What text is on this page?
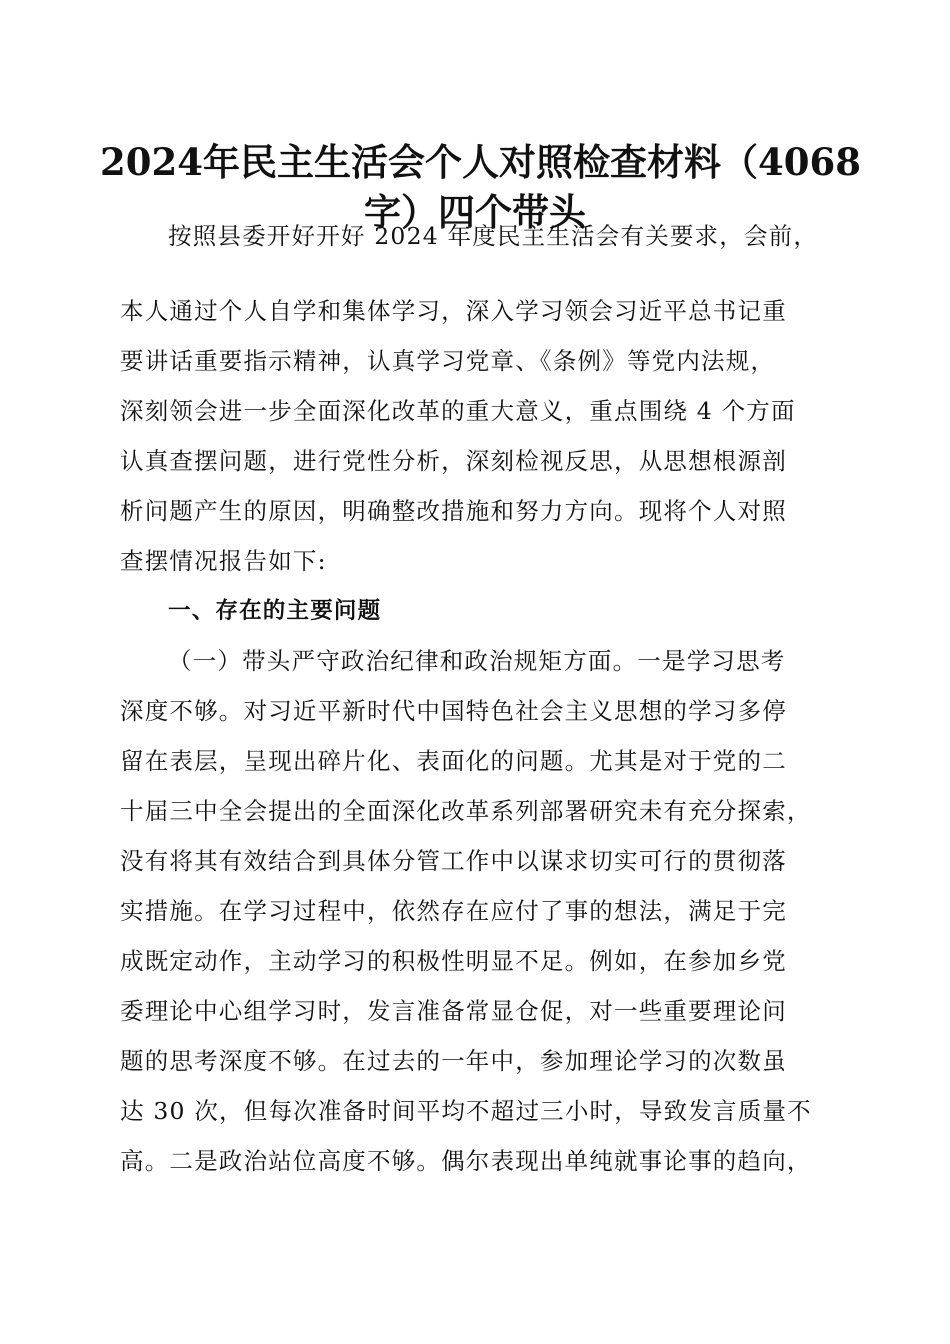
2024年民主生活会个人对照检查材料（4068
字）四个带头

按照县委开好开好 2024 年度民主生活会有关要求，会前，

本人通过个人自学和集体学习，深入学习领会习近平总书记重

要讲话重要指示精神，认真学习党章、《条例》等党内法规，

深刻领会进一步全面深化改革的重大意义，重点围绕 4 个方面

认真查摆问题，进行党性分析，深刻检视反思，从思想根源剖

析问题产生的原因，明确整改措施和努力方向。现将个人对照

查摆情况报告如下:

一、存在的主要问题

（一）带头严守政治纪律和政治规矩方面。一是学习思考

深度不够。对习近平新时代中国特色社会主义思想的学习多停

留在表层，呈现出碎片化、表面化的问题。尤其是对于党的二

十届三中全会提出的全面深化改革系列部署研究未有充分探索，

没有将其有效结合到具体分管工作中以谋求切实可行的贯彻落

实措施。在学习过程中，依然存在应付了事的想法，满足于完

成既定动作，主动学习的积极性明显不足。例如，在参加乡党

委理论中心组学习时，发言准备常显仓促，对一些重要理论问

题的思考深度不够。在过去的一年中，参加理论学习的次数虽

达 30 次，但每次准备时间平均不超过三小时，导致发言质量不

高。二是政治站位高度不够。偶尔表现出单纯就事论事的趋向，
